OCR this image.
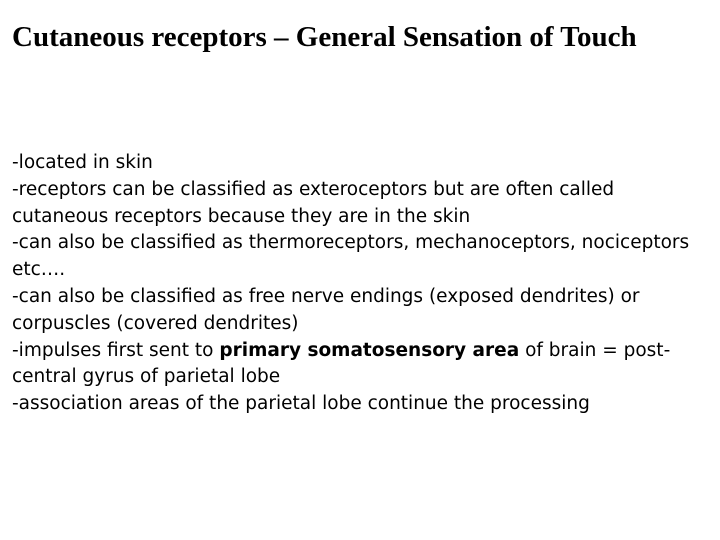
Cutaneous receptors – General Sensation of Touch
-located in skin
-receptors can be classified as exteroceptors but are often called cutaneous receptors because they are in the skin
-can also be classified as thermoreceptors, mechanoceptors, nociceptors etc….
-can also be classified as free nerve endings (exposed dendrites) or corpuscles (covered dendrites)
-impulses first sent to primary somatosensory area of brain = post-central gyrus of parietal lobe
-association areas of the parietal lobe continue the processing
